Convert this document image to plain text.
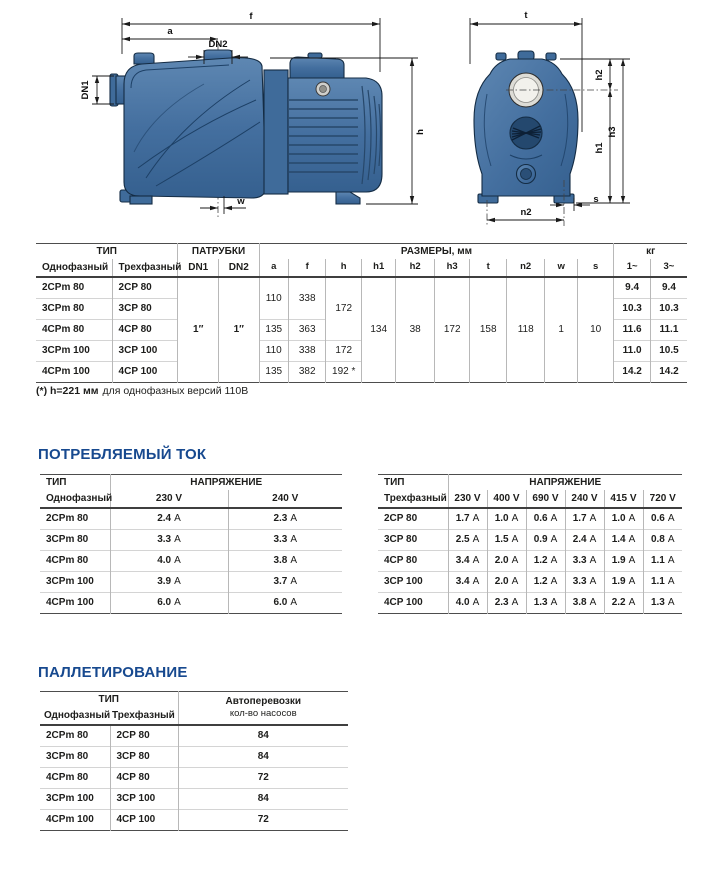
f
a
DN2
DN1
h
w
t
h2
h1
h3
n2
s
ТИП		ПАТРУБКИ		РАЗМЕРЫ, мм										кг	
Однофазный	Трехфазный	DN1	DN2	a	f	h	h1	h2	h3	t	n2	w	s	1~	3~
2CPm 80	2CP 80	1″	1″	110	338	172	134	38	172	158	118	1	10	9.4	9.4
3CPm 80	3CP 80													10.3	10.3
4CPm 80	4CP 80			135	363									11.6	11.1
3CPm 100	3CP 100			110	338	172								11.0	10.5
4CPm 100	4CP 100			135	382	192 *								14.2	14.2
(*) h=221 мм для однофазных версий 110В
ПОТРЕБЛЯЕМЫЙ ТОК
ТИП	НАПРЯЖЕНИЕ	
Однофазный	230 V	240 V
2CPm 80	2.4 A	2.3 A
3CPm 80	3.3 A	3.3 A
4CPm 80	4.0 A	3.8 A
3CPm 100	3.9 A	3.7 A
4CPm 100	6.0 A	6.0 A
ТИП	НАПРЯЖЕНИЕ					
Трехфазный	230 V	400 V	690 V	240 V	415 V	720 V
2CP 80	1.7 A	1.0 A	0.6 A	1.7 A	1.0 A	0.6 A
3CP 80	2.5 A	1.5 A	0.9 A	2.4 A	1.4 A	0.8 A
4CP 80	3.4 A	2.0 A	1.2 A	3.3 A	1.9 A	1.1 A
3CP 100	3.4 A	2.0 A	1.2 A	3.3 A	1.9 A	1.1 A
4CP 100	4.0 A	2.3 A	1.3 A	3.8 A	2.2 A	1.3 A
ПАЛЛЕТИРОВАНИЕ
ТИП		Автоперевозки
кол-во насосов

Однофазный	Трехфазный	
2CPm 80	2CP 80	84
3CPm 80	3CP 80	84
4CPm 80	4CP 80	72
3CPm 100	3CP 100	84
4CPm 100	4CP 100	72
